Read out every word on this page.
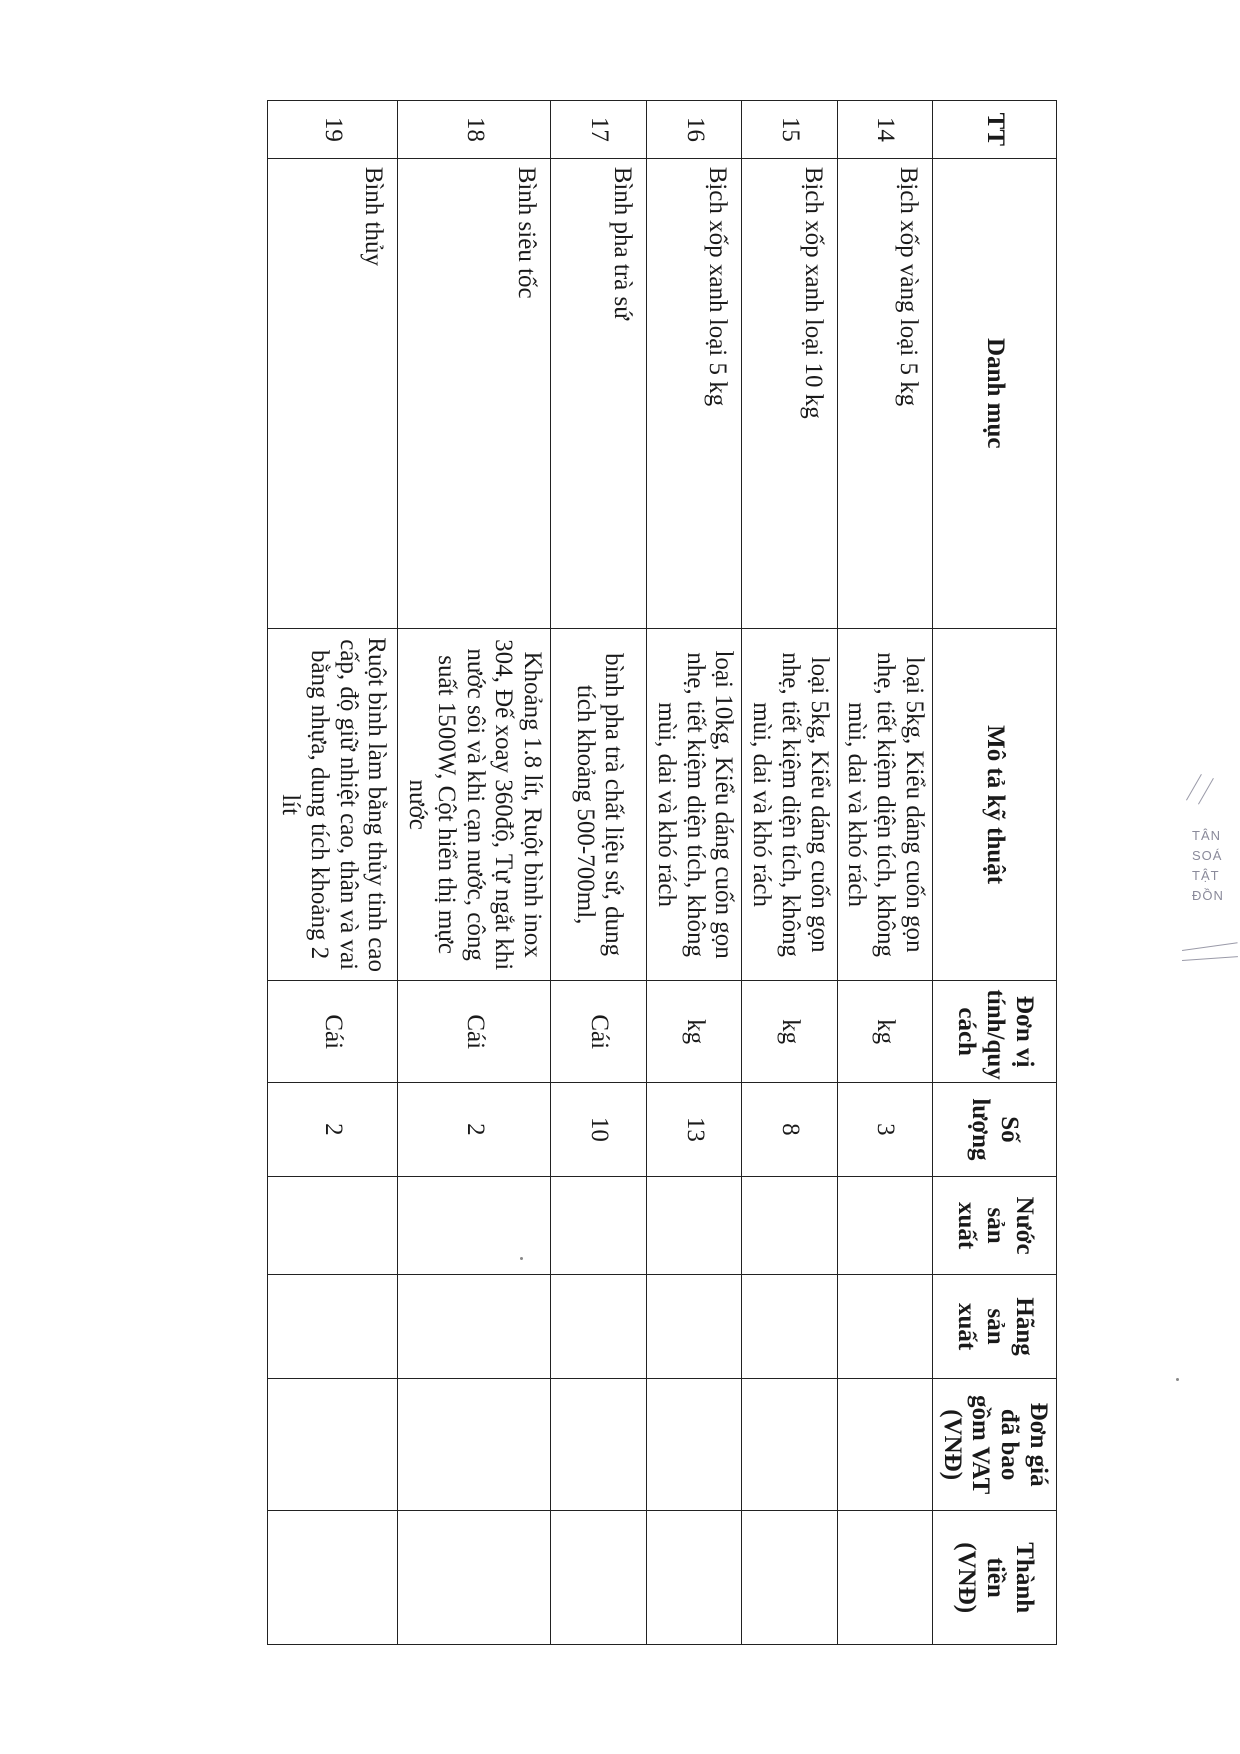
TT	Danh mục	Mô tả kỹ thuật	Đơn vị tính/quy cách	Số lượng	Nước sản xuất	Hãng sản xuất	Đơn giá đã bao gồm VAT (VNĐ)	Thành tiền (VNĐ)
14	Bịch xốp vàng loại 5 kg	loại 5kg, Kiểu dáng cuốn gọn nhẹ, tiết kiệm diện tích, không mùi, dai và khó rách	kg	3				
15	Bịch xốp xanh loại 10 kg	loại 5kg, Kiểu dáng cuốn gọn nhẹ, tiết kiệm diện tích, không mùi, dai và khó rách	kg	8				
16	Bịch xốp xanh loại 5 kg	loại 10kg, Kiểu dáng cuốn gọn nhẹ, tiết kiệm diện tích, không mùi, dai và khó rách	kg	13				
17	Bình pha trà sứ	bình pha trà chất liệu sứ, dung tích khoảng 500-700ml,	Cái	10				
18	Bình siêu tốc	Khoảng 1.8 lít, Ruột bình inox 304, Đế xoay 360độ, Tự ngắt khi nước sôi và khi cạn nước, công suất 1500W, Cột hiển thị mực nước	Cái	2				
19	Bình thủy	Ruột bình làm bằng thủy tinh cao cấp, độ giữ nhiệt cao, thân và vai bằng nhựa, dung tích khoảng 2 lít	Cái	2				
TÂN
SOÁ
TẬT
ĐỒN
